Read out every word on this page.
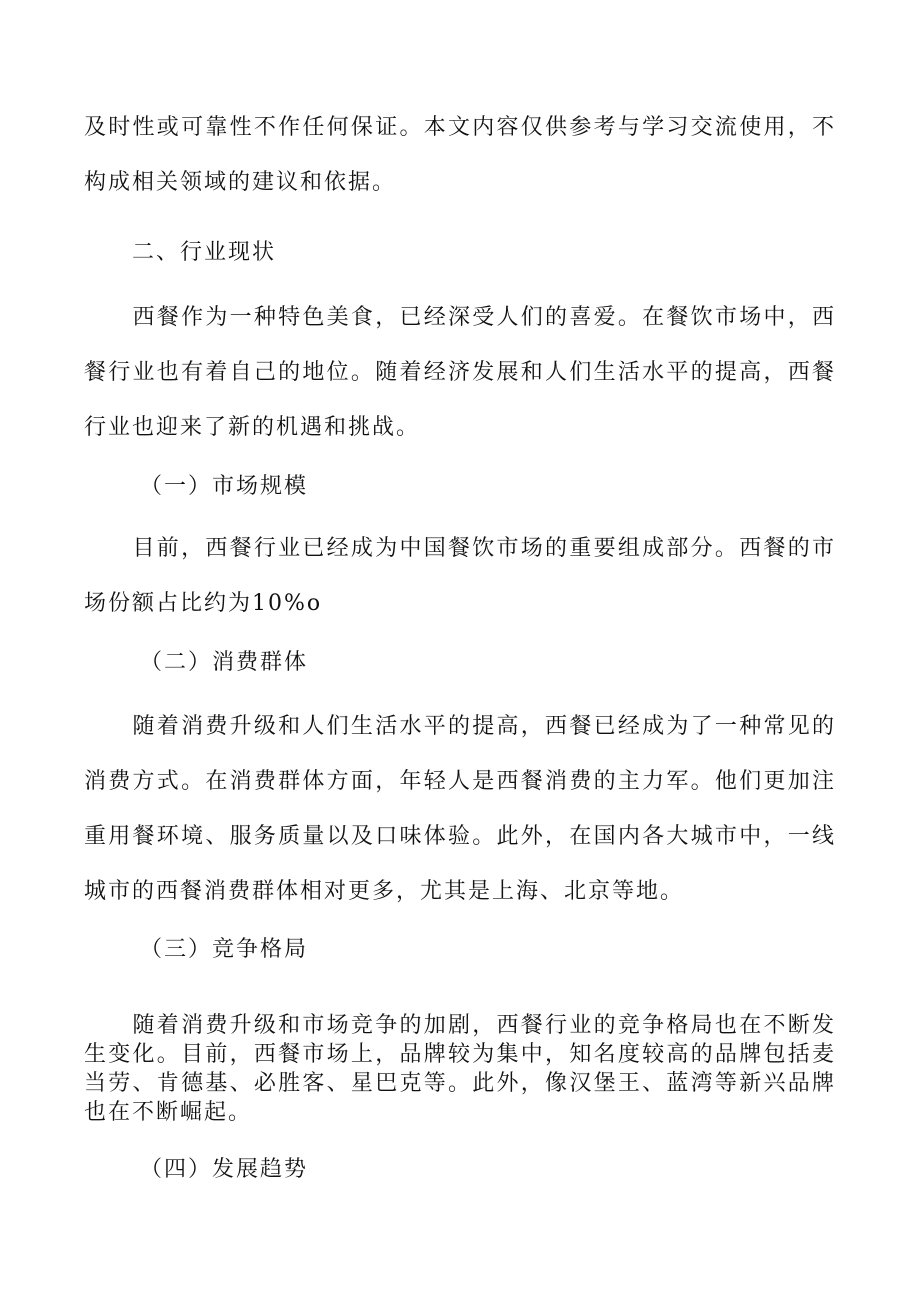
及时性或可靠性不作任何保证。本文内容仅供参考与学习交流使用，不构成相关领域的建议和依据。

二、行业现状

　　西餐作为一种特色美食，已经深受人们的喜爱。在餐饮市场中，西餐行业也有着自己的地位。随着经济发展和人们生活水平的提高，西餐行业也迎来了新的机遇和挑战。

（一）市场规模

　　目前，西餐行业已经成为中国餐饮市场的重要组成部分。西餐的市场份额占比约为10%o

（二）消费群体

　　随着消费升级和人们生活水平的提高，西餐已经成为了一种常见的消费方式。在消费群体方面，年轻人是西餐消费的主力军。他们更加注重用餐环境、服务质量以及口味体验。此外，在国内各大城市中，一线城市的西餐消费群体相对更多，尤其是上海、北京等地。

（三）竞争格局

　　随着消费升级和市场竞争的加剧，西餐行业的竞争格局也在不断发生变化。目前，西餐市场上，品牌较为集中，知名度较高的品牌包括麦当劳、肯德基、必胜客、星巴克等。此外，像汉堡王、蓝湾等新兴品牌也在不断崛起。

（四）发展趋势
